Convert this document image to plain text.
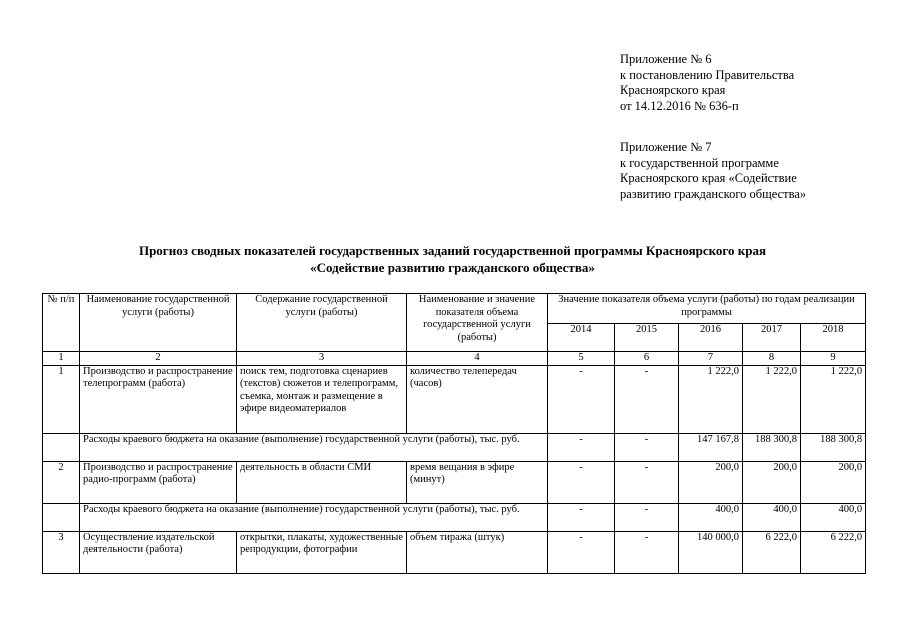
Приложение № 6
к постановлению Правительства
Красноярского края
от 14.12.2016 № 636-п
Приложение № 7
к государственной программе
Красноярского края «Содействие
развитию гражданского общества»
Прогноз сводных показателей государственных заданий государственной программы Красноярского края
«Содействие развитию гражданского общества»
№ п/п	Наименование государственной услуги (работы)	Содержание государственной услуги (работы)	Наименование и значение показателя объема государственной услуги (работы)	Значение показателя объема услуги (работы) по годам реализации программы				
				2014	2015	2016	2017	2018
1	2	3	4	5	6	7	8	9
1	Производство и распространение телепрограмм (работа)	поиск тем, подготовка сценариев (текстов) сюжетов и телепрограмм, съемка, монтаж и размещение в эфире видеоматериалов	количество телепередач (часов)	-	-	1 222,0	1 222,0	1 222,0
	Расходы краевого бюджета на оказание (выполнение) государственной услуги (работы), тыс. руб.			-	-	147 167,8	188 300,8	188 300,8
2	Производство и распространение радио-программ (работа)	деятельность в области СМИ	время вещания в эфире (минут)	-	-	200,0	200,0	200,0
	Расходы краевого бюджета на оказание (выполнение) государственной услуги (работы), тыс. руб.			-	-	400,0	400,0	400,0
3	Осуществление издательской деятельности (работа)	открытки, плакаты, художественные репродукции, фотографии	объем тиража (штук)	-	-	140 000,0	6 222,0	6 222,0
